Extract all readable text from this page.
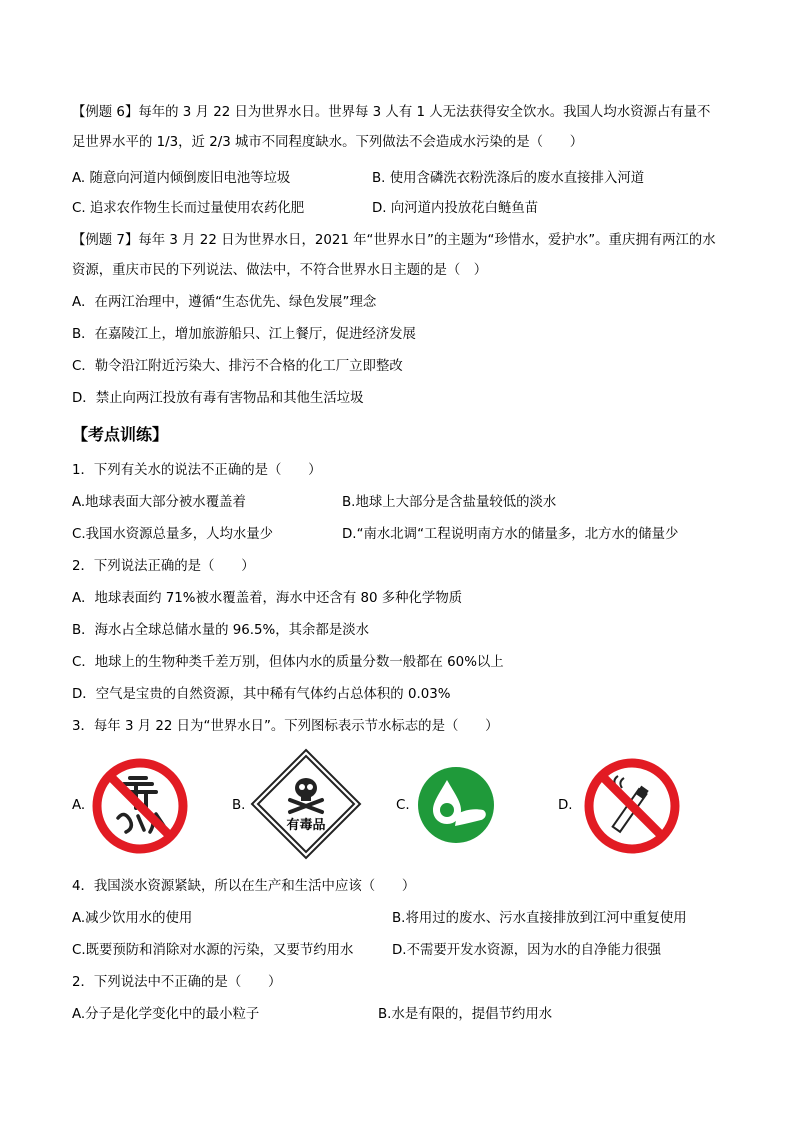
【例题 6】每年的 3 月 22 日为世界水日。世界每 3 人有 1 人无法获得安全饮水。我国人均水资源占有量不
足世界水平的 1/3，近 2/3 城市不同程度缺水。下列做法不会造成水污染的是（　　）
A. 随意向河道内倾倒废旧电池等垃圾	B. 使用含磷洗衣粉洗涤后的废水直接排入河道
C. 追求农作物生长而过量使用农药化肥	D. 向河道内投放花白鲢鱼苗
【例题 7】每年 3 月 22 日为世界水日，2021 年“世界水日”的主题为“珍惜水，爱护水”。重庆拥有两江的水
资源，重庆市民的下列说法、做法中，不符合世界水日主题的是（　）
A．在两江治理中，遵循“生态优先、绿色发展”理念
B．在嘉陵江上，增加旅游船只、江上餐厅，促进经济发展
C．勒令沿江附近污染大、排污不合格的化工厂立即整改
D．禁止向两江投放有毒有害物品和其他生活垃圾
【考点训练】
1．下列有关水的说法不正确的是（　　）
A.地球表面大部分被水覆盖着	B.地球上大部分是含盐量较低的淡水
C.我国水资源总量多，人均水量少	D.“南水北调“工程说明南方水的储量多，北方水的储量少
2．下列说法正确的是（　　）
A．地球表面约 71%被水覆盖着，海水中还含有 80 多种化学物质
B．海水占全球总储水量的 96.5%，其余都是淡水
C．地球上的生物种类千差万别，但体内水的质量分数一般都在 60%以上
D．空气是宝贵的自然资源，其中稀有气体约占总体积的 0.03%
3．每年 3 月 22 日为“世界水日”。下列图标表示节水标志的是（　　）
A.	B.
有毒品
C.	D.
4．我国淡水资源紧缺，所以在生产和生活中应该（　　）
A.减少饮用水的使用	B.将用过的废水、污水直接排放到江河中重复使用
C.既要预防和消除对水源的污染，又要节约用水	D.不需要开发水资源，因为水的自净能力很强
2．下列说法中不正确的是（　　）
A.分子是化学变化中的最小粒子	B.水是有限的，提倡节约用水
